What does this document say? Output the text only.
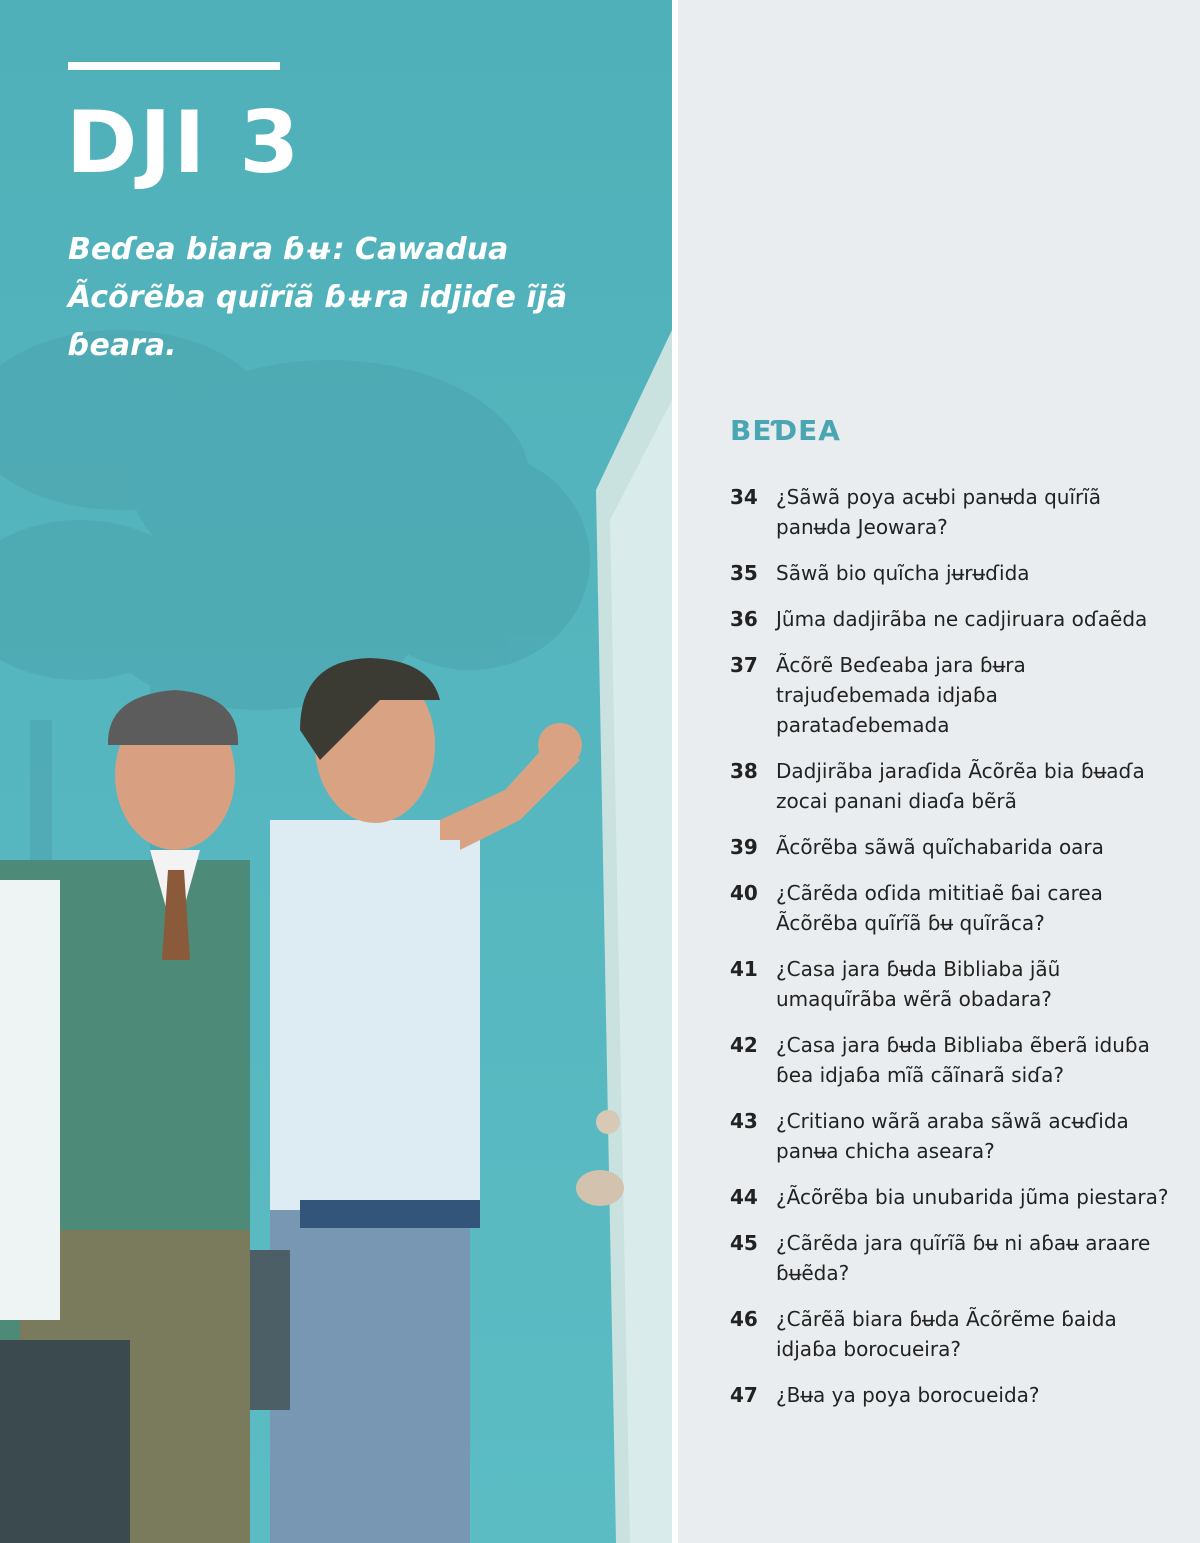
DJI 3

Beɗea biara ɓʉ: Cawadua Ãcõrẽba quĩrĩã ɓʉra idjiɗe ĩjã ɓeara.

BEƊEA
34 ¿Sãwã poya acʉbi panʉda quĩrĩã panʉda Jeowara?
35 Sãwã bio quĩcha jʉrʉɗida
36 Jũma dadjirãba ne cadjiruara oɗaẽda
37 Ãcõrẽ Beɗeaba jara ɓʉra trajuɗebemada idjaɓa parataɗebemada
38 Dadjirãba jaraɗida Ãcõrẽa bia ɓʉaɗa zocai panani diaɗa bẽrã
39 Ãcõrẽba sãwã quĩchabarida oara
40 ¿Cãrẽda oɗida mititiaẽ ɓai carea Ãcõrẽba quĩrĩã ɓʉ quĩrãca?
41 ¿Casa jara ɓʉda Bibliaba jãũ umaquĩrãba wẽrã obadara?
42 ¿Casa jara ɓʉda Bibliaba ẽberã iduɓa ɓea idjaɓa mĩã cãĩnarã siɗa?
43 ¿Critiano wãrã araba sãwã acʉɗida panʉa chicha aseara?
44 ¿Ãcõrẽba bia unubarida jũma piestara?
45 ¿Cãrẽda jara quĩrĩã ɓʉ ni aɓaʉ araare ɓʉẽda?
46 ¿Cãrẽã biara ɓʉda Ãcõrẽme ɓaida idjaɓa borocueira?
47 ¿Bʉa ya poya borocueida?
